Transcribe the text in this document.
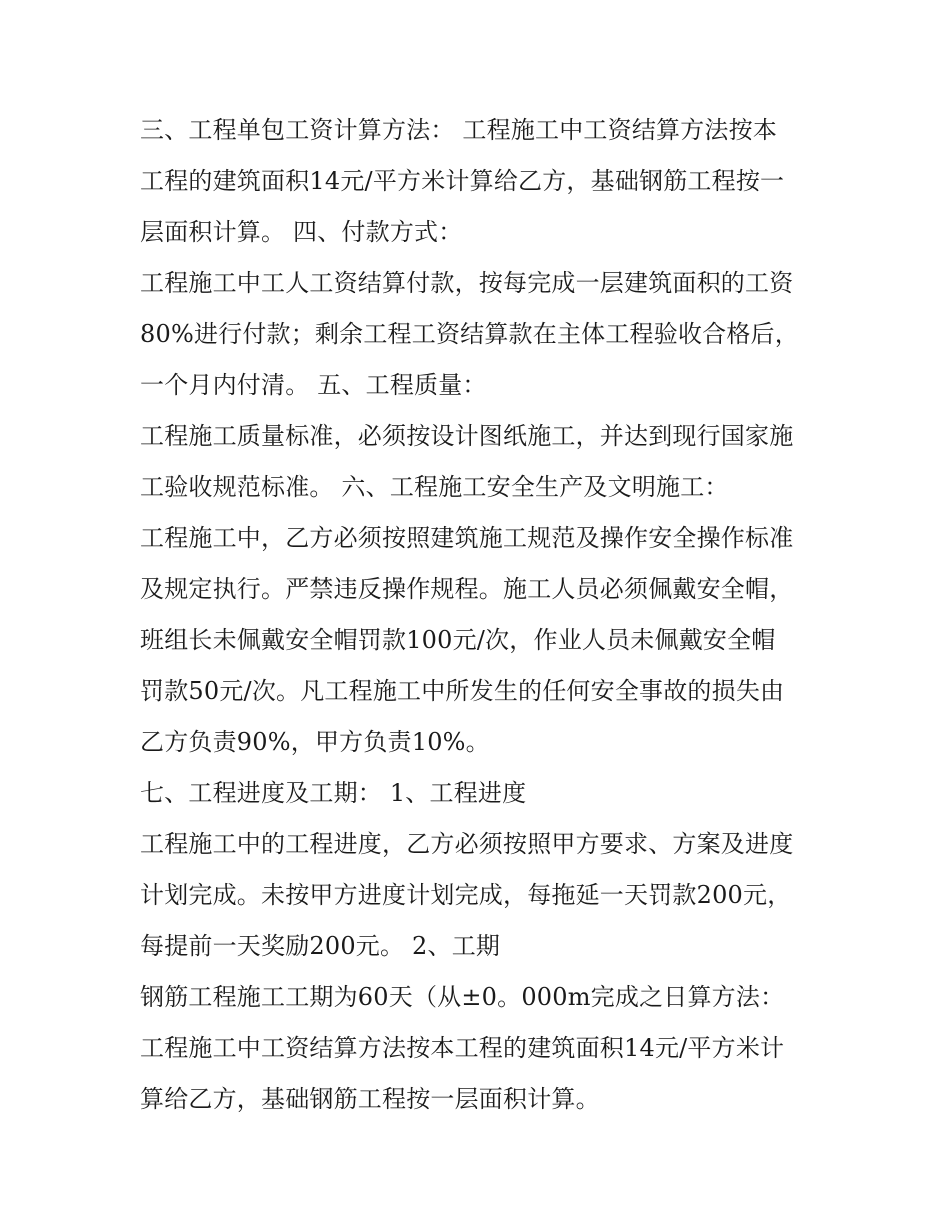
三、工程单包工资计算方法： 工程施工中工资结算方法按本
工程的建筑面积14元/平方米计算给乙方，基础钢筋工程按一
层面积计算。 四、付款方式：
工程施工中工人工资结算付款，按每完成一层建筑面积的工资
80%进行付款；剩余工程工资结算款在主体工程验收合格后，
一个月内付清。 五、工程质量：
工程施工质量标准，必须按设计图纸施工，并达到现行国家施
工验收规范标准。 六、工程施工安全生产及文明施工：
工程施工中，乙方必须按照建筑施工规范及操作安全操作标准
及规定执行。严禁违反操作规程。施工人员必须佩戴安全帽，
班组长未佩戴安全帽罚款100元/次，作业人员未佩戴安全帽
罚款50元/次。凡工程施工中所发生的任何安全事故的损失由
乙方负责90%，甲方负责10%。
七、工程进度及工期： 1、工程进度
工程施工中的工程进度，乙方必须按照甲方要求、方案及进度
计划完成。未按甲方进度计划完成，每拖延一天罚款200元，
每提前一天奖励200元。 2、工期
钢筋工程施工工期为60天（从±0。000m完成之日算方法：
工程施工中工资结算方法按本工程的建筑面积14元/平方米计
算给乙方，基础钢筋工程按一层面积计算。
